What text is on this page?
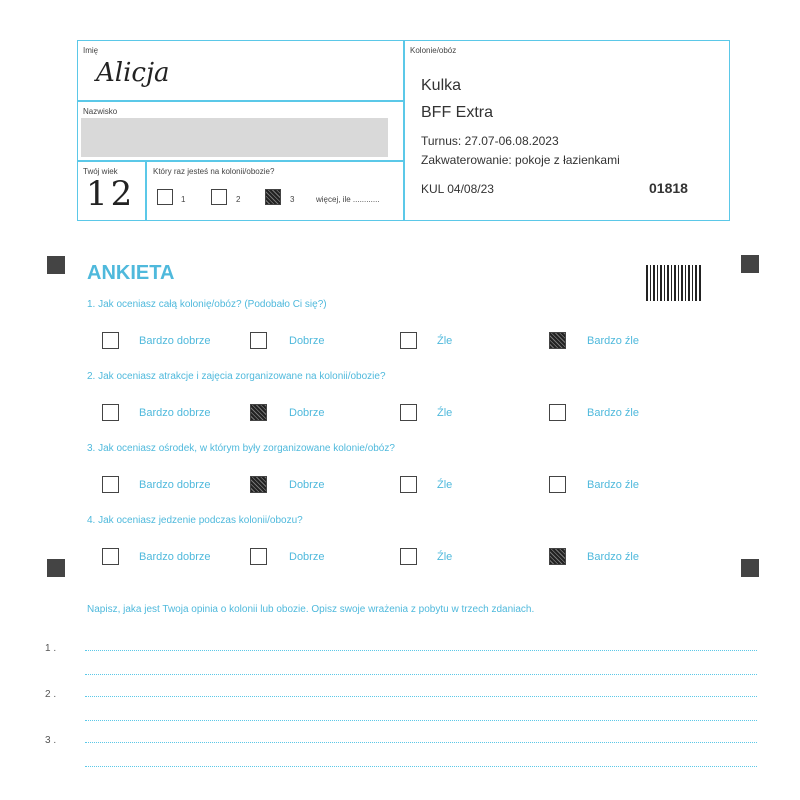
Imię
Alicja
Nazwisko
Twój wiek
12
Który raz jesteś na kolonii/obozie?
1	2	3	więcej, ile ............
Kolonie/obóz
Kulka
BFF Extra
Turnus: 27.07-06.08.2023
Zakwaterowanie: pokoje z łazienkami
KUL 04/08/23	01818
ANKIETA
1. Jak oceniasz całą kolonię/obóz? (Podobało Ci się?)
Bardzo dobrze	Dobrze	Źle	Bardzo źle
2. Jak oceniasz atrakcje i zajęcia zorganizowane na kolonii/obozie?
Bardzo dobrze	Dobrze	Źle	Bardzo źle
3. Jak oceniasz ośrodek, w którym były zorganizowane kolonie/obóz?
Bardzo dobrze	Dobrze	Źle	Bardzo źle
4. Jak oceniasz jedzenie podczas kolonii/obozu?
Bardzo dobrze	Dobrze	Źle	Bardzo źle
Napisz, jaka jest Twoja opinia o kolonii lub obozie. Opisz swoje wrażenia z pobytu w trzech zdaniach.
1 .
2 .
3 .
